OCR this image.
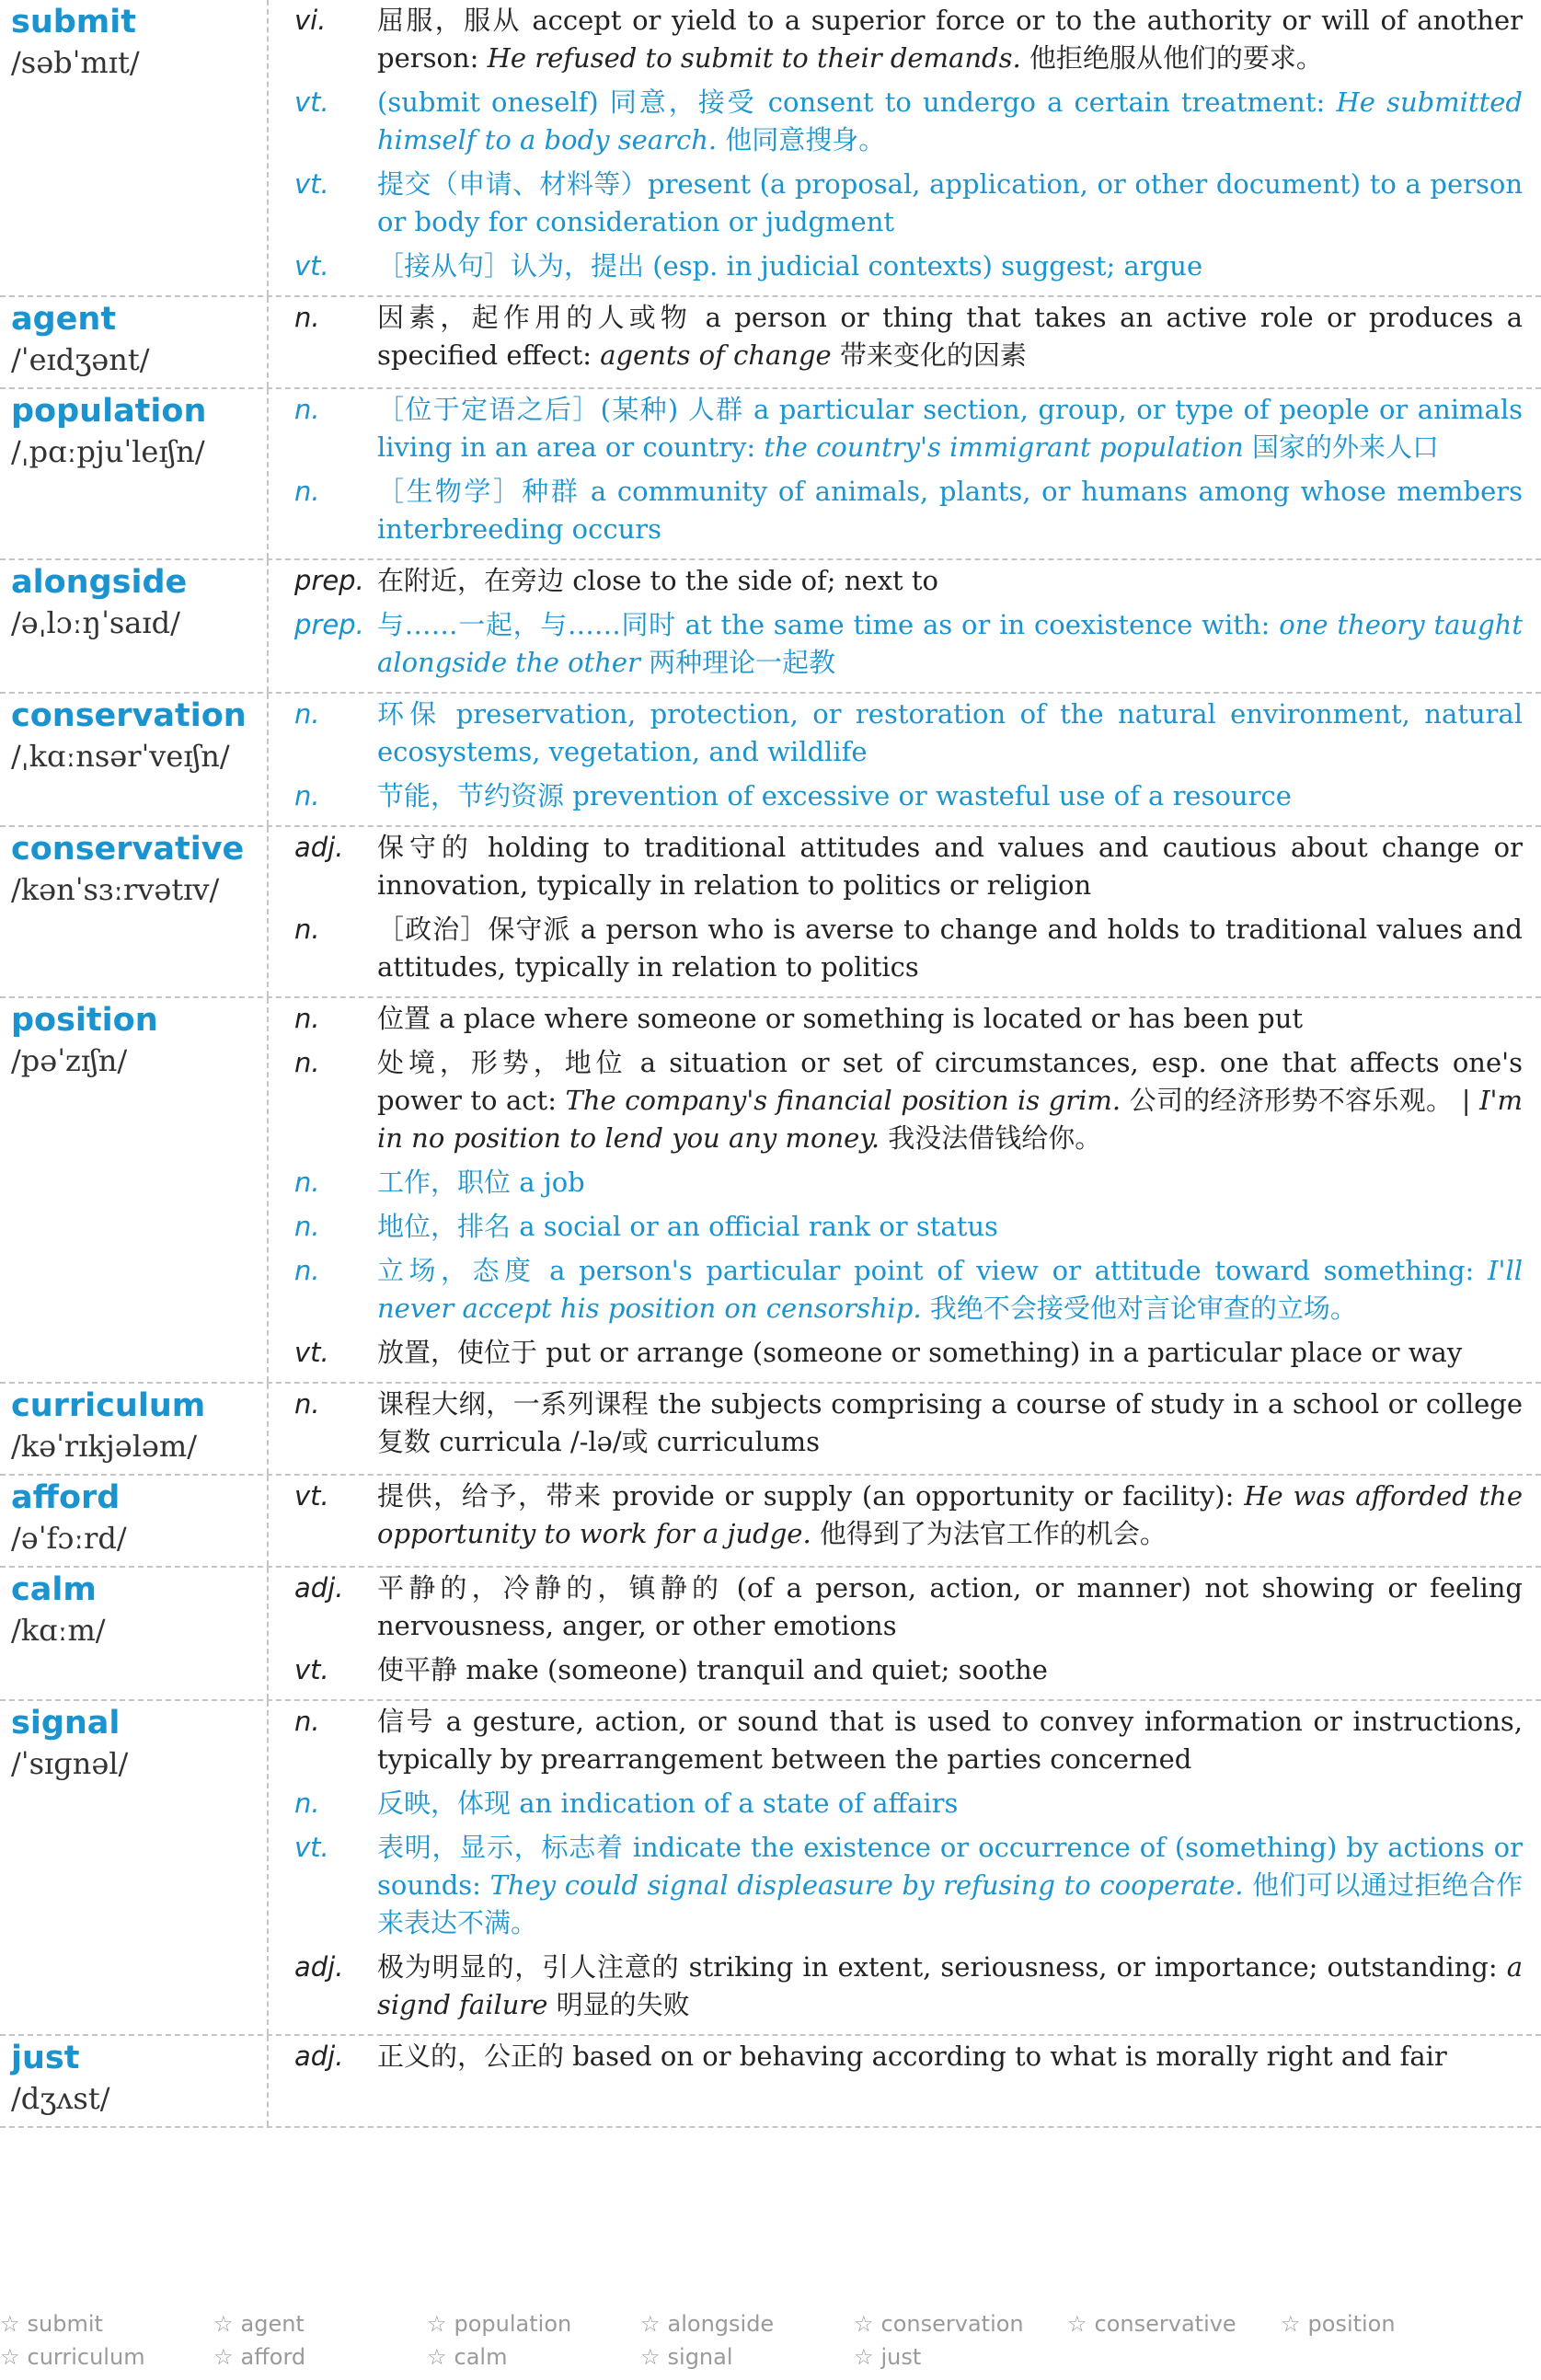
submit
/səbˈmɪt/
vi.	屈服，服从 accept or yield to a superior force or to the authority or will of another person: He refused to submit to their demands. 他拒绝服从他们的要求。
vt.	(submit oneself) 同意，接受 consent to undergo a certain treatment: He submitted himself to a body search. 他同意搜身。
vt.	提交（申请、材料等）present (a proposal, application, or other document) to a person or body for consideration or judgment
vt.	［接从句］认为，提出 (esp. in judicial contexts) suggest; argue
agent
/ˈeɪdʒənt/
n.	因素，起作用的人或物 a person or thing that takes an active role or produces a specified effect: agents of change 带来变化的因素
population
/ˌpɑːpjuˈleɪʃn/
n.	［位于定语之后］(某种) 人群 a particular section, group, or type of people or animals living in an area or country: the country's immigrant population 国家的外来人口
n.	［生物学］种群 a community of animals, plants, or humans among whose members interbreeding occurs
alongside
/əˌlɔːŋˈsaɪd/
prep. 在附近，在旁边 close to the side of; next to
prep. 与……一起，与……同时 at the same time as or in coexistence with: one theory taught alongside the other 两种理论一起教
conservation
/ˌkɑːnsərˈveɪʃn/
n.	环保 preservation, protection, or restoration of the natural environment, natural ecosystems, vegetation, and wildlife
n.	节能，节约资源 prevention of excessive or wasteful use of a resource
conservative
/kənˈsɜːrvətɪv/
adj.	保守的 holding to traditional attitudes and values and cautious about change or innovation, typically in relation to politics or religion
n.	［政治］保守派 a person who is averse to change and holds to traditional values and attitudes, typically in relation to politics
position
/pəˈzɪʃn/
n.	位置 a place where someone or something is located or has been put
n.	处境，形势，地位 a situation or set of circumstances, esp. one that affects one's power to act: The company's financial position is grim. 公司的经济形势不容乐观。 | I'm in no position to lend you any money. 我没法借钱给你。
n.	工作，职位 a job
n.	地位，排名 a social or an official rank or status
n.	立场，态度 a person's particular point of view or attitude toward something: I'll never accept his position on censorship. 我绝不会接受他对言论审查的立场。
vt.	放置，使位于 put or arrange (someone or something) in a particular place or way
curriculum
/kəˈrɪkjələm/
n.	课程大纲，一系列课程 the subjects comprising a course of study in a school or college 复数 curricula /-lə/或 curriculums
afford
/əˈfɔːrd/
vt.	提供，给予，带来 provide or supply (an opportunity or facility): He was afforded the opportunity to work for a judge. 他得到了为法官工作的机会。
calm
/kɑːm/
adj.	平静的，冷静的，镇静的 (of a person, action, or manner) not showing or feeling nervousness, anger, or other emotions
vt.	使平静 make (someone) tranquil and quiet; soothe
signal
/ˈsɪɡnəl/
n.	信号 a gesture, action, or sound that is used to convey information or instructions, typically by prearrangement between the parties concerned
n.	反映，体现 an indication of a state of affairs
vt.	表明，显示，标志着 indicate the existence or occurrence of (something) by actions or sounds: They could signal displeasure by refusing to cooperate. 他们可以通过拒绝合作来表达不满。
adj.	极为明显的，引人注意的 striking in extent, seriousness, or importance; outstanding: a signd failure 明显的失败
just
/dʒʌst/
adj.	正义的，公正的 based on or behaving according to what is morally right and fair
☆ submit	☆ agent	☆ population	☆ alongside	☆ conservation	☆ conservative	☆ position
☆ curriculum	☆ afford	☆ calm	☆ signal	☆ just
